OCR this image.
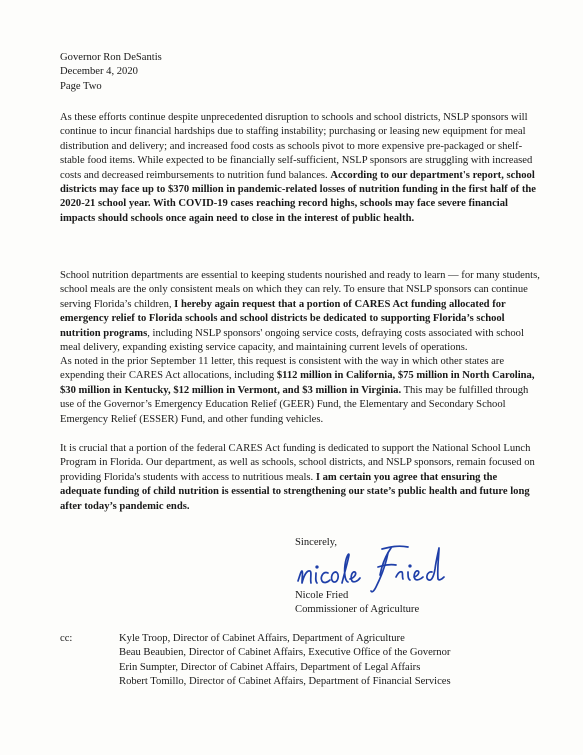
Governor Ron DeSantis
December 4, 2020
Page Two

As these efforts continue despite unprecedented disruption to schools and school districts, NSLP sponsors will continue to incur financial hardships due to staffing instability; purchasing or leasing new equipment for meal distribution and delivery; and increased food costs as schools pivot to more expensive pre-packaged or shelf-stable food items. While expected to be financially self-sufficient, NSLP sponsors are struggling with increased costs and decreased reimbursements to nutrition fund balances. According to our department's report, school districts may face up to $370 million in pandemic-related losses of nutrition funding in the first half of the 2020-21 school year. With COVID-19 cases reaching record highs, schools may face severe financial impacts should schools once again need to close in the interest of public health.

School nutrition departments are essential to keeping students nourished and ready to learn — for many students, school meals are the only consistent meals on which they can rely. To ensure that NSLP sponsors can continue serving Florida’s children, I hereby again request that a portion of CARES Act funding allocated for emergency relief to Florida schools and school districts be dedicated to supporting Florida’s school nutrition programs, including NSLP sponsors' ongoing service costs, defraying costs associated with school meal delivery, expanding existing service capacity, and maintaining current levels of operations.

As noted in the prior September 11 letter, this request is consistent with the way in which other states are expending their CARES Act allocations, including $112 million in California, $75 million in North Carolina, $30 million in Kentucky, $12 million in Vermont, and $3 million in Virginia. This may be fulfilled through use of the Governor’s Emergency Education Relief (GEER) Fund, the Elementary and Secondary School Emergency Relief (ESSER) Fund, and other funding vehicles.

It is crucial that a portion of the federal CARES Act funding is dedicated to support the National School Lunch Program in Florida. Our department, as well as schools, school districts, and NSLP sponsors, remain focused on providing Florida's students with access to nutritious meals. I am certain you agree that ensuring the adequate funding of child nutrition is essential to strengthening our state’s public health and future long after today’s pandemic ends.

Sincerely,
Nicole Fried
Commissioner of Agriculture
cc:	Kyle Troop, Director of Cabinet Affairs, Department of Agriculture
Beau Beaubien, Director of Cabinet Affairs, Executive Office of the Governor
Erin Sumpter, Director of Cabinet Affairs, Department of Legal Affairs
Robert Tomillo, Director of Cabinet Affairs, Department of Financial Services
